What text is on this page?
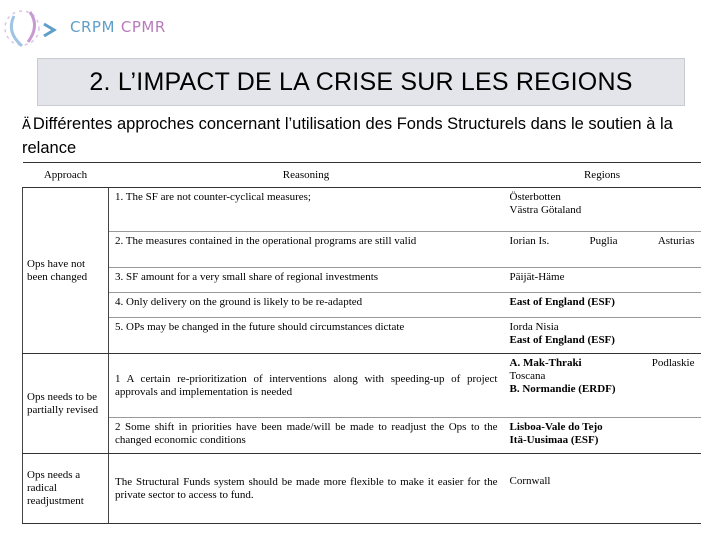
CRPM CPMR
2. L’IMPACT DE LA CRISE SUR LES REGIONS
Ä Différentes approches concernant l’utilisation des Fonds Structurels dans le soutien à la relance
Approach	Reasoning	Regions
Ops have not been changed	1. The SF are not counter-cyclical measures;	Österbotten
Västra Götaland

	2. The measures contained in the operational programs are still valid	Iorian Is. Puglia Asturias

	3. SF amount for a very small share of regional investments	Päijät-Häme

	4. Only delivery on the ground is likely to be re-adapted	East of England (ESF)
	5. OPs may be changed in the future should circumstances dictate	Iorda Nisia
East of England (ESF)

Ops needs to be partially revised	1 A certain re-prioritization of interventions along with speeding-up of project approvals and implementation is needed	A. Mak-Thraki Podlaskie
Toscana
B. Normandie (ERDF)

	2 Some shift in priorities have been made/will be made to readjust the Ops to the changed economic conditions	Lisboa-Vale do Tejo
Itä-Uusimaa (ESF)

Ops needs a radical readjustment	The Structural Funds system should be made more flexible to make it easier for the private sector to access to fund.	Cornwall
